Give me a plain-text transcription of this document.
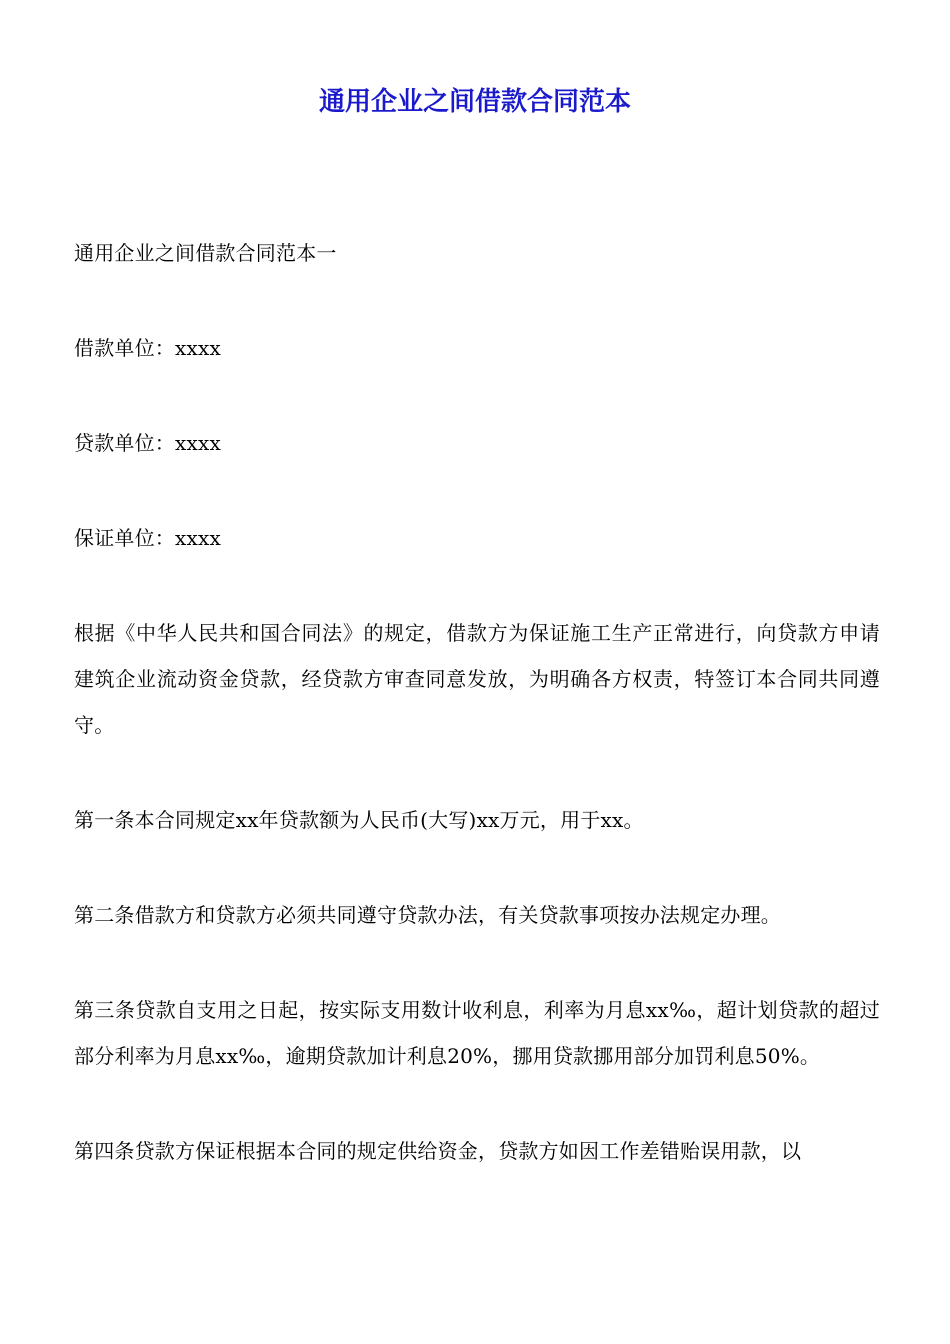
通用企业之间借款合同范本

通用企业之间借款合同范本一

借款单位：xxxx

贷款单位：xxxx

保证单位：xxxx

根据《中华人民共和国合同法》的规定，借款方为保证施工生产正常进行，向贷款方申请建筑企业流动资金贷款，经贷款方审查同意发放，为明确各方权责，特签订本合同共同遵守。

第一条本合同规定xx年贷款额为人民币(大写)xx万元，用于xx。

第二条借款方和贷款方必须共同遵守贷款办法，有关贷款事项按办法规定办理。

第三条贷款自支用之日起，按实际支用数计收利息，利率为月息xx‰，超计划贷款的超过部分利率为月息xx‰，逾期贷款加计利息20%，挪用贷款挪用部分加罚利息50%。

第四条贷款方保证根据本合同的规定供给资金，贷款方如因工作差错贻误用款，以
